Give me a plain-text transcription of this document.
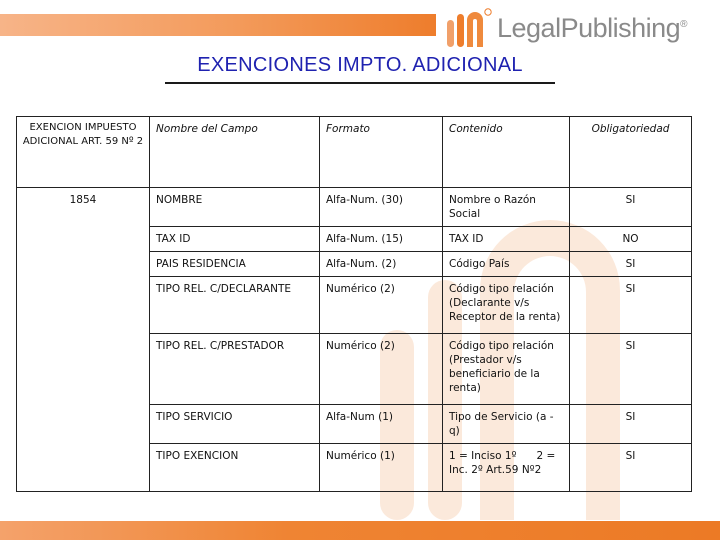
LegalPublishing®
EXENCIONES IMPTO. ADICIONAL
EXENCION IMPUESTO ADICIONAL ART. 59 Nº 2	Nombre del Campo	Formato	Contenido	Obligatoriedad
1854	NOMBRE	Alfa-Num. (30)	Nombre o Razón Social	SI
	TAX ID	Alfa-Num. (15)	TAX ID	NO
	PAIS RESIDENCIA	Alfa-Num. (2)	Código País	SI
	TIPO REL. C/DECLARANTE	Numérico (2)	Código tipo relación (Declarante v/s Receptor de la renta)	SI
	TIPO REL. C/PRESTADOR	Numérico (2)	Código tipo relación (Prestador v/s beneficiario de la renta)	SI
	TIPO SERVICIO	Alfa-Num (1)	Tipo de Servicio (a - q)	SI
	TIPO EXENCION	Numérico (1)	1 = Inciso 1º      2 = Inc. 2º Art.59 Nº2	SI
